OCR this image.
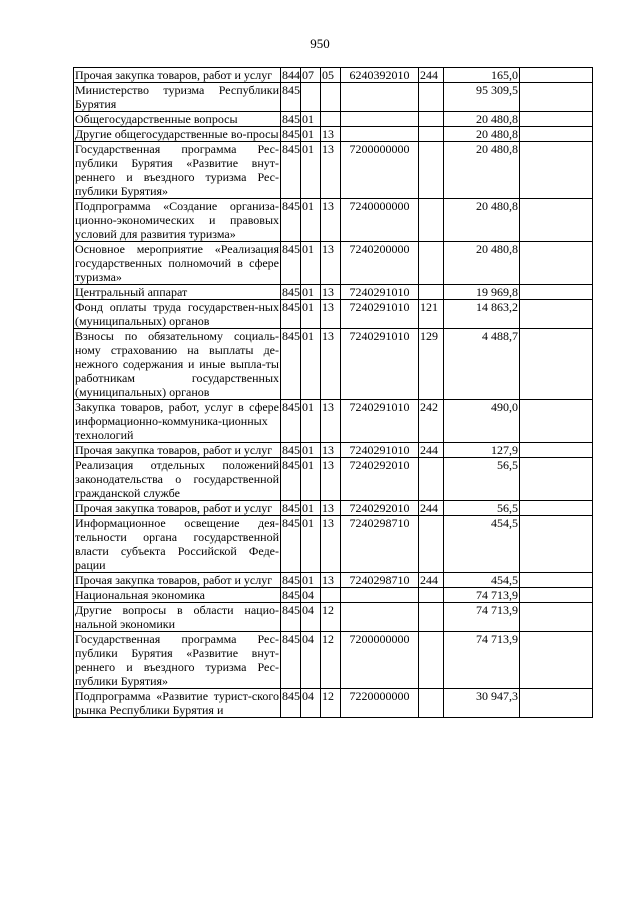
950
Прочая закупка товаров, работ и услуг	844	07	05	6240392010	244	165,0	
Министерство туризма Республики Бурятия	845					95 309,5	
Общегосударственные вопросы	845	01				20 480,8	
Другие общегосударственные во-просы	845	01	13			20 480,8	
Государственная программа Рес-публики Бурятия «Развитие внут-реннего и въездного туризма Рес-публики Бурятия»	845	01	13	7200000000		20 480,8	
Подпрограмма «Создание организа-ционно-экономических и правовых условий для развития туризма»	845	01	13	7240000000		20 480,8	
Основное мероприятие «Реализация государственных полномочий в сфере туризма»	845	01	13	7240200000		20 480,8	
Центральный аппарат	845	01	13	7240291010		19 969,8	
Фонд оплаты труда государствен-ных (муниципальных) органов	845	01	13	7240291010	121	14 863,2	
Взносы по обязательному социаль-ному страхованию на выплаты де-нежного содержания и иные выпла-ты работникам государственных (муниципальных) органов	845	01	13	7240291010	129	4 488,7	
Закупка товаров, работ, услуг в сфере информационно-коммуника-ционных технологий	845	01	13	7240291010	242	490,0	
Прочая закупка товаров, работ и услуг	845	01	13	7240291010	244	127,9	
Реализация отдельных положений законодательства о государственной гражданской службе	845	01	13	7240292010		56,5	
Прочая закупка товаров, работ и услуг	845	01	13	7240292010	244	56,5	
Информационное освещение дея-тельности органа государственной власти субъекта Российской Феде-рации	845	01	13	7240298710		454,5	
Прочая закупка товаров, работ и услуг	845	01	13	7240298710	244	454,5	
Национальная экономика	845	04				74 713,9	
Другие вопросы в области нацио-нальной экономики	845	04	12			74 713,9	
Государственная программа Рес-публики Бурятия «Развитие внут-реннего и въездного туризма Рес-публики Бурятия»	845	04	12	7200000000		74 713,9	
Подпрограмма «Развитие турист-ского рынка Республики Бурятия и	845	04	12	7220000000		30 947,3	
